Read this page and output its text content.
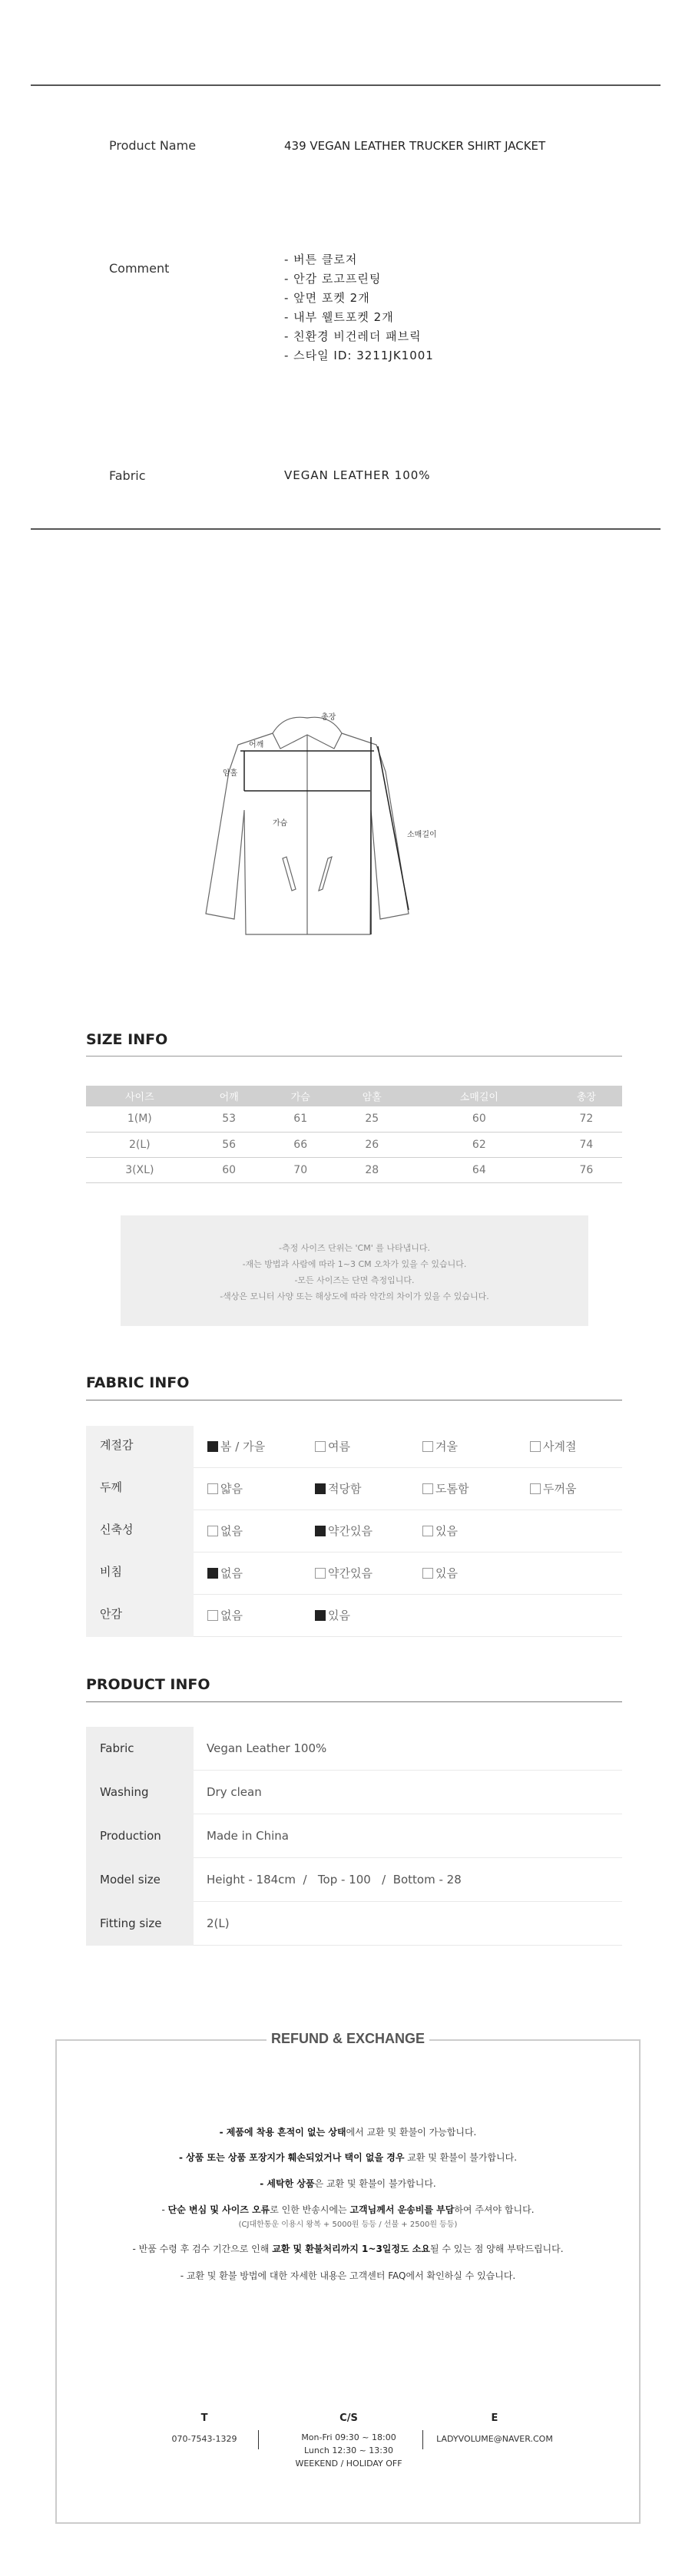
Product Name	439 VEGAN LEATHER TRUCKER SHIRT JACKET
Comment
- 버튼 클로저
- 안감 로고프린팅
- 앞면 포켓 2개
- 내부 웰트포켓 2개
- 친환경 비건레더 패브릭
- 스타일 ID: 3211JK1001
Fabric	VEGAN LEATHER 100%
총장
어깨
암홀
가슴
소매길이
SIZE INFO
사이즈	어깨	가슴	암홀	소매길이	총장
1(M)	53	61	25	60	72
2(L)	56	66	26	62	74
3(XL)	60	70	28	64	76
-측정 사이즈 단위는 'CM' 를 나타냅니다.
-재는 방법과 사람에 따라 1~3 CM 오차가 있을 수 있습니다.
-모든 사이즈는 단면 측정입니다.
-색상은 모니터 사양 또는 해상도에 따라 약간의 차이가 있을 수 있습니다.
FABRIC INFO
계절감	봄 / 가을	여름	겨울	사계절
두께	얇음	적당함	도톰함	두꺼움
신축성	없음	약간있음	있음
비침	없음	약간있음	있음
안감	없음	있음
PRODUCT INFO
Fabric	Vegan Leather 100%
Washing	Dry clean
Production	Made in China
Model size	Height - 184cm  /   Top - 100   /  Bottom - 28
Fitting size	2(L)
REFUND & EXCHANGE
- 제품에 착용 흔적이 없는 상태에서 교환 및 환불이 가능합니다.
- 상품 또는 상품 포장지가 훼손되었거나 택이 없을 경우 교환 및 환불이 불가합니다.
- 세탁한 상품은 교환 및 환불이 불가합니다.
- 단순 변심 및 사이즈 오류로 인한 반송시에는 고객님께서 운송비를 부담하여 주셔야 합니다.
(CJ대한통운 이용시 왕복 + 5000원 등등 / 선불 + 2500원 등등)
- 반품 수령 후 검수 기간으로 인해 교환 및 환불처리까지 1~3일정도 소요될 수 있는 점 양해 부탁드립니다.
- 교환 및 환불 방법에 대한 자세한 내용은 고객센터 FAQ에서 확인하실 수 있습니다.
T
070-7543-1329
C/S
Mon-Fri 09:30 ~ 18:00
Lunch 12:30 ~ 13:30
WEEKEND / HOLIDAY OFF
E
LADYVOLUME@NAVER.COM
